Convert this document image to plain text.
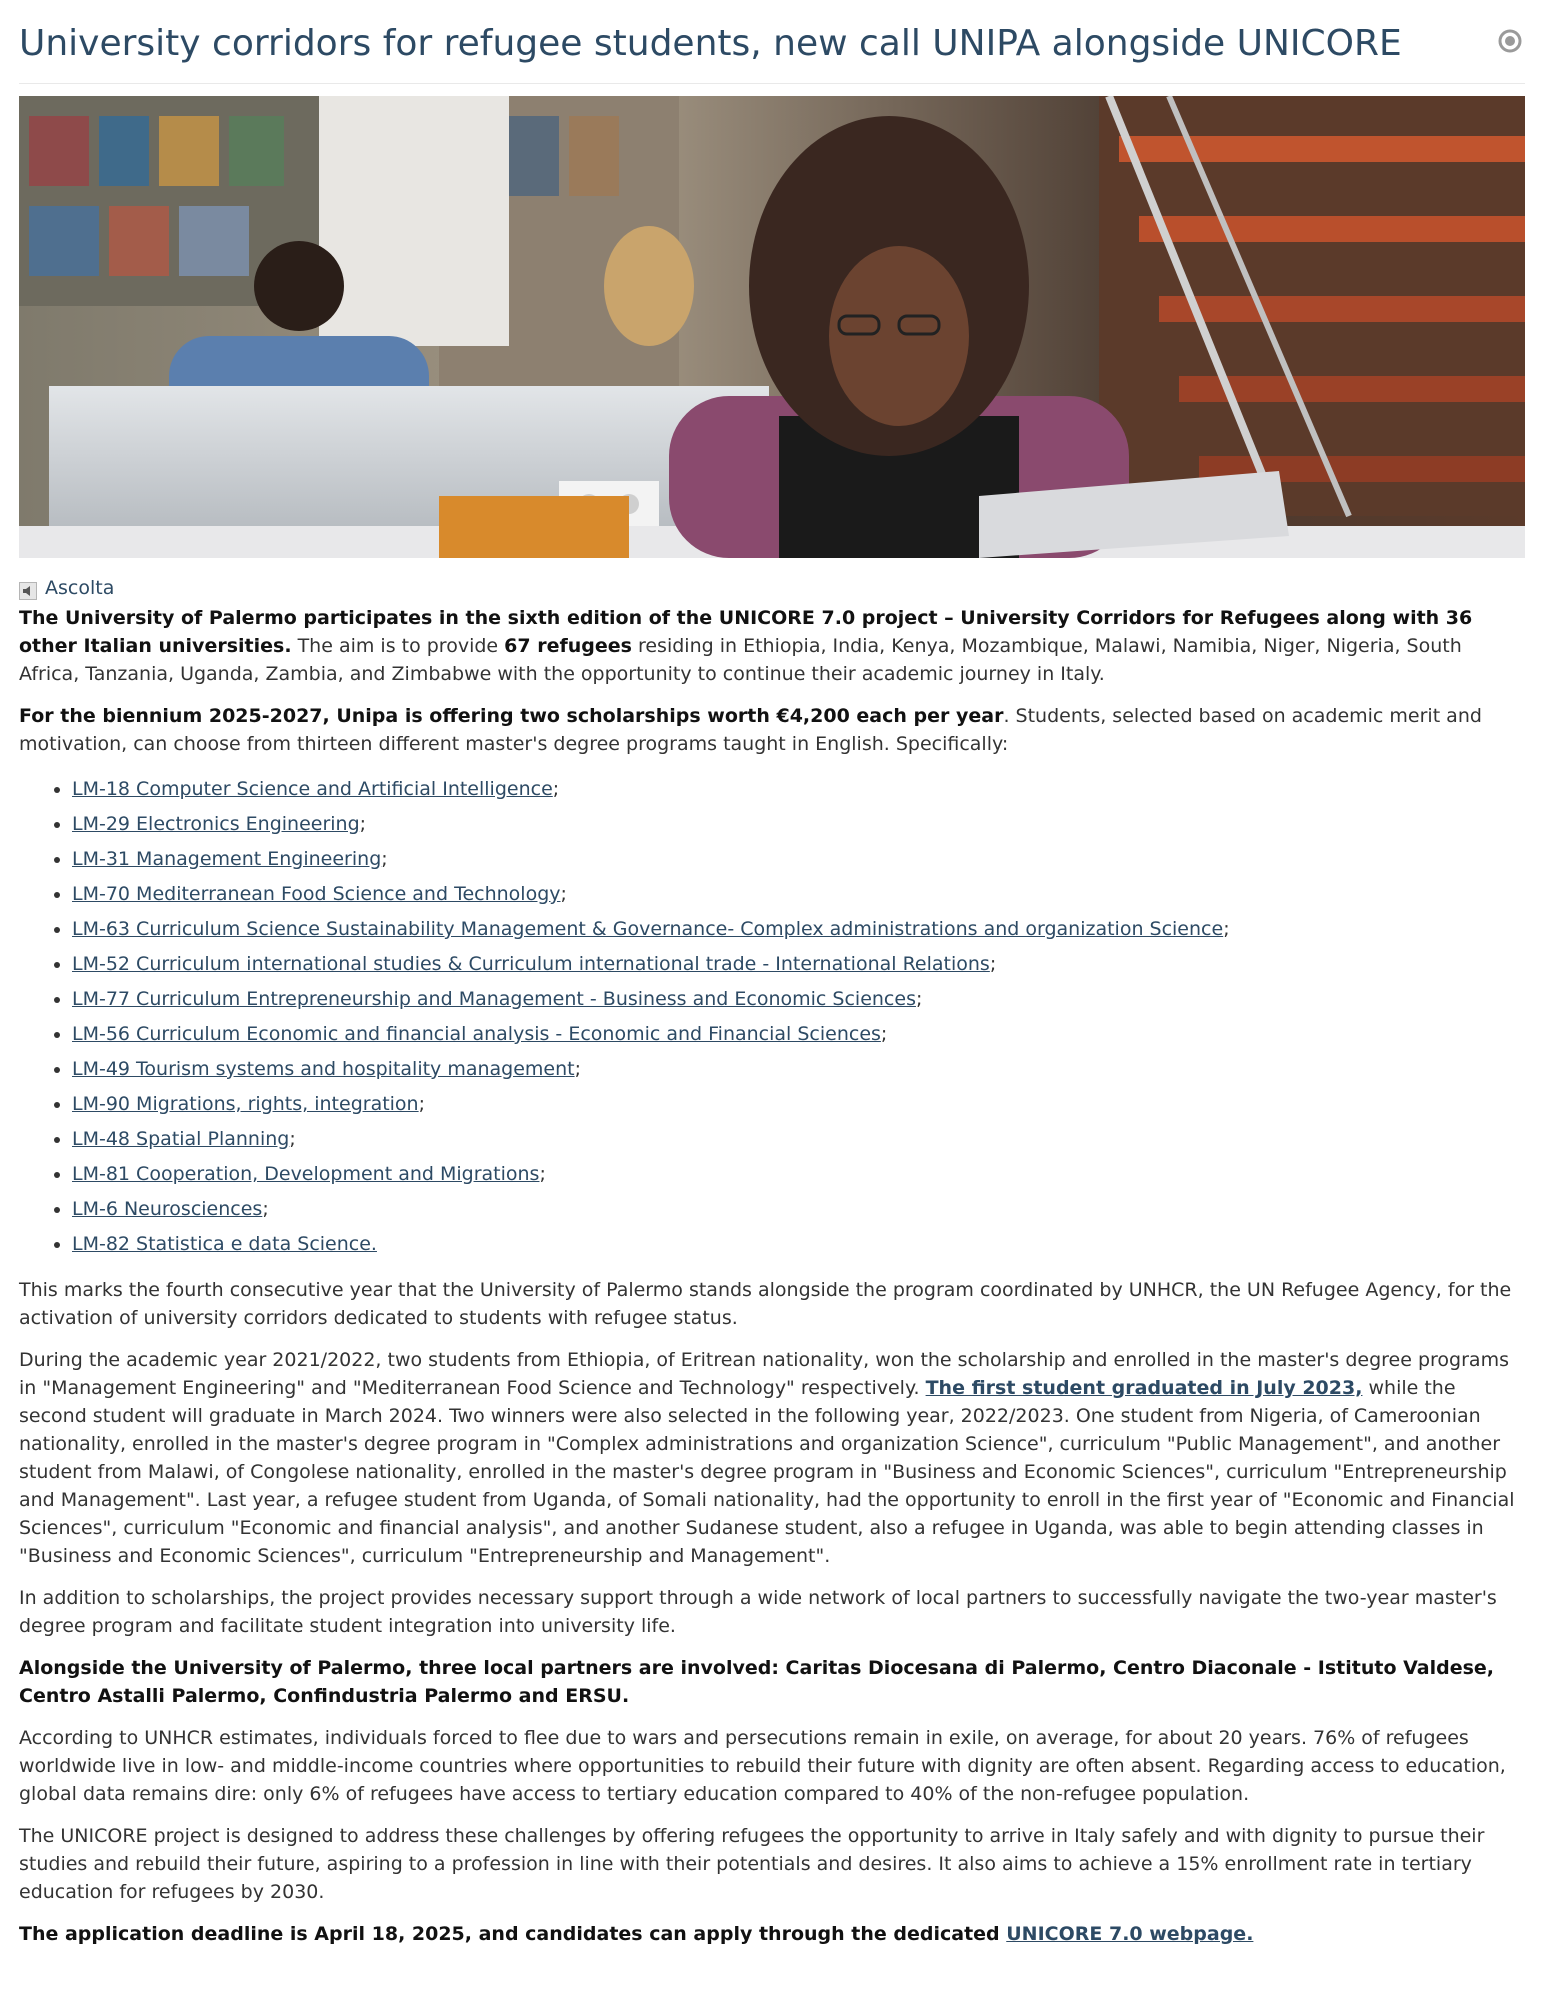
University corridors for refugee students, new call UNIPA alongside UNICORE
Ascolta

The University of Palermo participates in the sixth edition of the UNICORE 7.0 project – University Corridors for Refugees along with 36 other Italian universities. The aim is to provide 67 refugees residing in Ethiopia, India, Kenya, Mozambique, Malawi, Namibia, Niger, Nigeria, South Africa, Tanzania, Uganda, Zambia, and Zimbabwe with the opportunity to continue their academic journey in Italy.

For the biennium 2025-2027, Unipa is offering two scholarships worth €4,200 each per year. Students, selected based on academic merit and motivation, can choose from thirteen different master's degree programs taught in English. Specifically:

• LM-18 Computer Science and Artificial Intelligence;
• LM-29 Electronics Engineering;
• LM-31 Management Engineering;
• LM-70 Mediterranean Food Science and Technology;
• LM-63 Curriculum Science Sustainability Management & Governance- Complex administrations and organization Science;
• LM-52 Curriculum international studies & Curriculum international trade - International Relations;
• LM-77 Curriculum Entrepreneurship and Management - Business and Economic Sciences;
• LM-56 Curriculum Economic and financial analysis - Economic and Financial Sciences;
• LM-49 Tourism systems and hospitality management;
• LM-90 Migrations, rights, integration;
• LM-48 Spatial Planning;
• LM-81 Cooperation, Development and Migrations;
• LM-6 Neurosciences;
• LM-82 Statistica e data Science.

This marks the fourth consecutive year that the University of Palermo stands alongside the program coordinated by UNHCR, the UN Refugee Agency, for the activation of university corridors dedicated to students with refugee status.

During the academic year 2021/2022, two students from Ethiopia, of Eritrean nationality, won the scholarship and enrolled in the master's degree programs in "Management Engineering" and "Mediterranean Food Science and Technology" respectively. The first student graduated in July 2023, while the second student will graduate in March 2024. Two winners were also selected in the following year, 2022/2023. One student from Nigeria, of Cameroonian nationality, enrolled in the master's degree program in "Complex administrations and organization Science", curriculum "Public Management", and another student from Malawi, of Congolese nationality, enrolled in the master's degree program in "Business and Economic Sciences", curriculum "Entrepreneurship and Management". Last year, a refugee student from Uganda, of Somali nationality, had the opportunity to enroll in the first year of "Economic and Financial Sciences", curriculum "Economic and financial analysis", and another Sudanese student, also a refugee in Uganda, was able to begin attending classes in "Business and Economic Sciences", curriculum "Entrepreneurship and Management".

In addition to scholarships, the project provides necessary support through a wide network of local partners to successfully navigate the two-year master's degree program and facilitate student integration into university life.

Alongside the University of Palermo, three local partners are involved: Caritas Diocesana di Palermo, Centro Diaconale - Istituto Valdese, Centro Astalli Palermo, Confindustria Palermo and ERSU.

According to UNHCR estimates, individuals forced to flee due to wars and persecutions remain in exile, on average, for about 20 years. 76% of refugees worldwide live in low- and middle-income countries where opportunities to rebuild their future with dignity are often absent. Regarding access to education, global data remains dire: only 6% of refugees have access to tertiary education compared to 40% of the non-refugee population.

The UNICORE project is designed to address these challenges by offering refugees the opportunity to arrive in Italy safely and with dignity to pursue their studies and rebuild their future, aspiring to a profession in line with their potentials and desires. It also aims to achieve a 15% enrollment rate in tertiary education for refugees by 2030.

The application deadline is April 18, 2025, and candidates can apply through the dedicated UNICORE 7.0 webpage.
